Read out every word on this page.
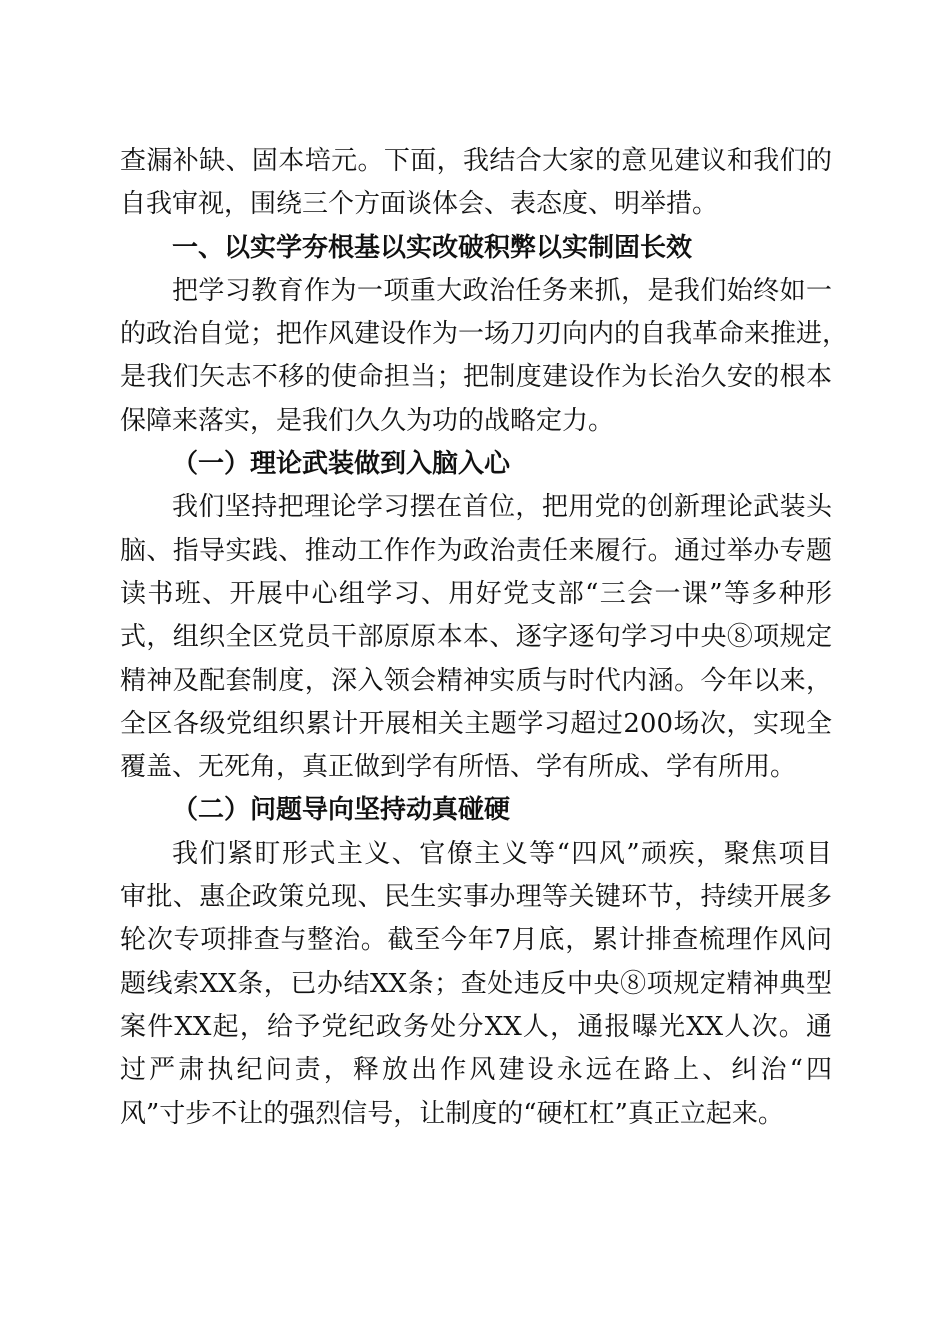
查漏补缺、固本培元。下面，我结合大家的意见建议和我们的
自我审视，围绕三个方面谈体会、表态度、明举措。
一、以实学夯根基以实改破积弊以实制固长效
把学习教育作为一项重大政治任务来抓，是我们始终如一
的政治自觉；把作风建设作为一场刀刃向内的自我革命来推进，
是我们矢志不移的使命担当；把制度建设作为长治久安的根本
保障来落实，是我们久久为功的战略定力。
（一）理论武装做到入脑入心
我们坚持把理论学习摆在首位，把用党的创新理论武装头
脑、指导实践、推动工作作为政治责任来履行。通过举办专题
读书班、开展中心组学习、用好党支部“三会一课”等多种形
式，组织全区党员干部原原本本、逐字逐句学习中央⑧项规定
精神及配套制度，深入领会精神实质与时代内涵。今年以来，
全区各级党组织累计开展相关主题学习超过200场次，实现全
覆盖、无死角，真正做到学有所悟、学有所成、学有所用。
（二）问题导向坚持动真碰硬
我们紧盯形式主义、官僚主义等“四风”顽疾，聚焦项目
审批、惠企政策兑现、民生实事办理等关键环节，持续开展多
轮次专项排查与整治。截至今年7月底，累计排查梳理作风问
题线索XX条，已办结XX条；查处违反中央⑧项规定精神典型
案件XX起，给予党纪政务处分XX人，通报曝光XX人次。通
过严肃执纪问责，释放出作风建设永远在路上、纠治“四
风”寸步不让的强烈信号，让制度的“硬杠杠”真正立起来。
